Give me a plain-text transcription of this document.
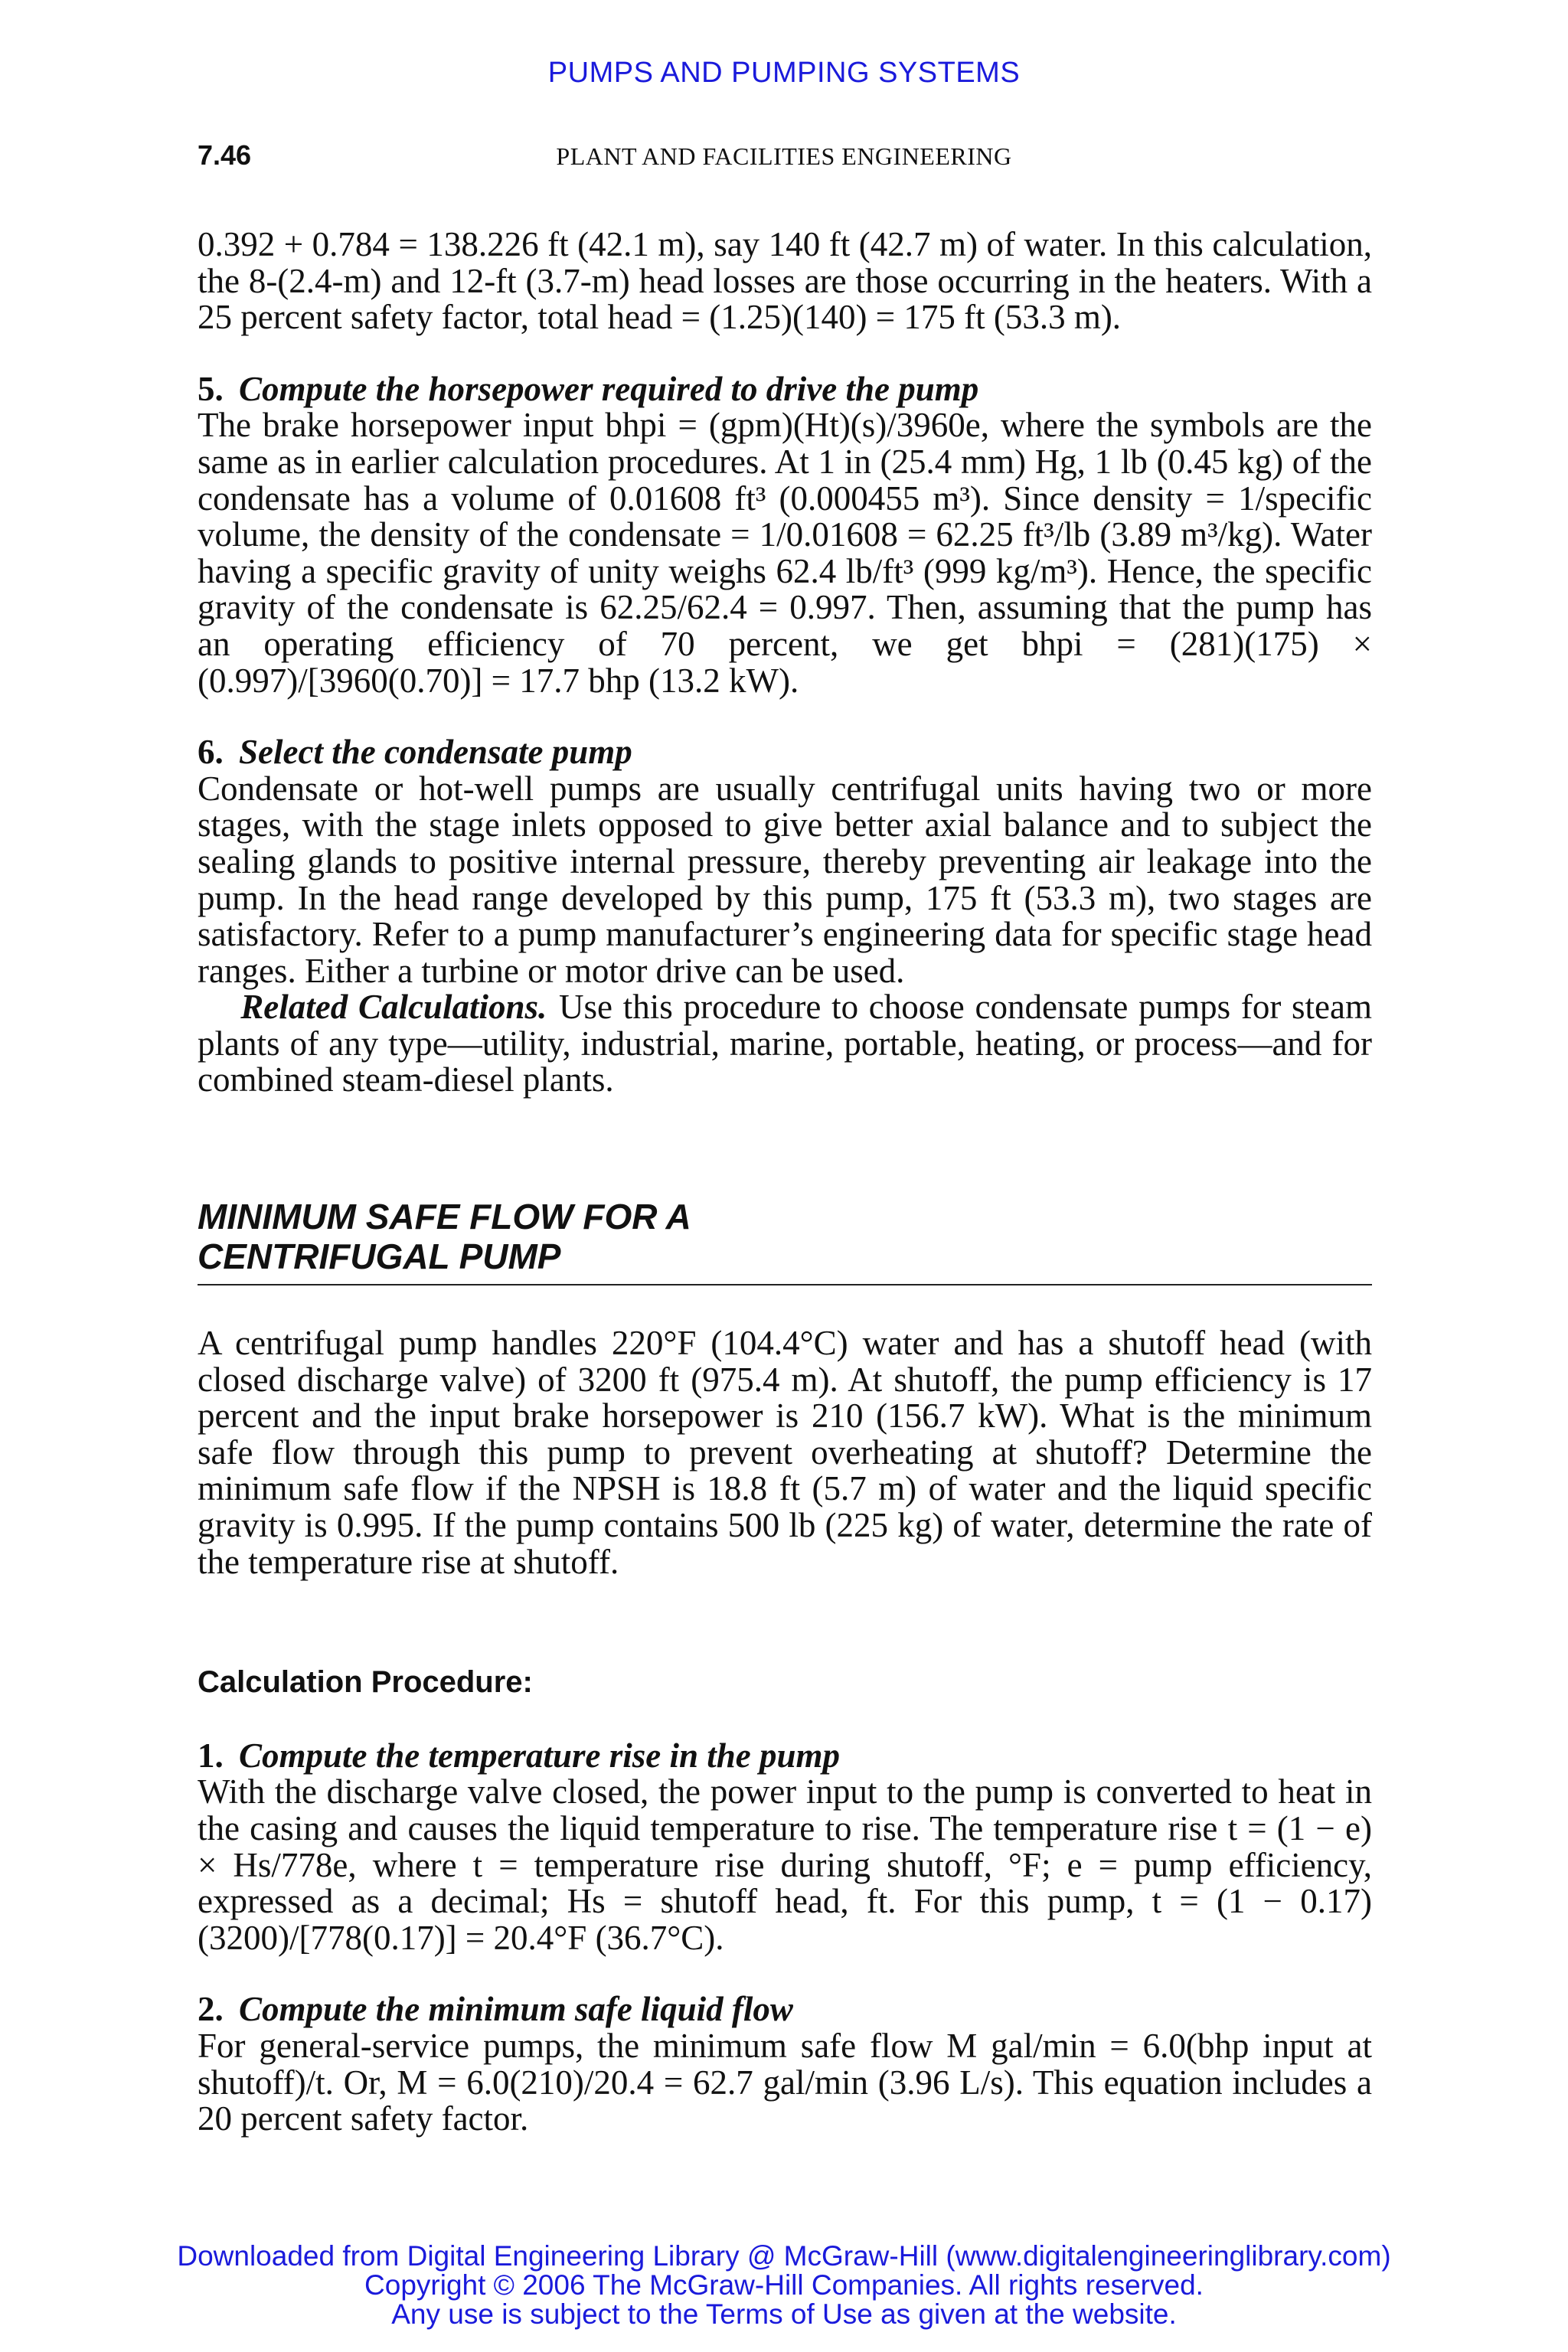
PUMPS AND PUMPING SYSTEMS
7.46	PLANT AND FACILITIES ENGINEERING

0.392 + 0.784 = 138.226 ft (42.1 m), say 140 ft (42.7 m) of water. In this calculation, the 8-(2.4-m) and 12-ft (3.7-m) head losses are those occurring in the heaters. With a 25 percent safety factor, total head = (1.25)(140) = 175 ft (53.3 m).

5. Compute the horsepower required to drive the pump

The brake horsepower input bhpi = (gpm)(Ht)(s)/3960e, where the symbols are the same as in earlier calculation procedures. At 1 in (25.4 mm) Hg, 1 lb (0.45 kg) of the condensate has a volume of 0.01608 ft³ (0.000455 m³). Since density = 1/specific volume, the density of the condensate = 1/0.01608 = 62.25 ft³/lb (3.89 m³/kg). Water having a specific gravity of unity weighs 62.4 lb/ft³ (999 kg/m³). Hence, the specific gravity of the condensate is 62.25/62.4 = 0.997. Then, assuming that the pump has an operating efficiency of 70 percent, we get bhpi = (281)(175) × (0.997)/[3960(0.70)] = 17.7 bhp (13.2 kW).

6. Select the condensate pump

Condensate or hot-well pumps are usually centrifugal units having two or more stages, with the stage inlets opposed to give better axial balance and to subject the sealing glands to positive internal pressure, thereby preventing air leakage into the pump. In the head range developed by this pump, 175 ft (53.3 m), two stages are satisfactory. Refer to a pump manufacturer’s engineering data for specific stage head ranges. Either a turbine or motor drive can be used.

Related Calculations. Use this procedure to choose condensate pumps for steam plants of any type—utility, industrial, marine, portable, heating, or process—and for combined steam-diesel plants.

MINIMUM SAFE FLOW FOR A
CENTRIFUGAL PUMP

A centrifugal pump handles 220°F (104.4°C) water and has a shutoff head (with closed discharge valve) of 3200 ft (975.4 m). At shutoff, the pump efficiency is 17 percent and the input brake horsepower is 210 (156.7 kW). What is the minimum safe flow through this pump to prevent overheating at shutoff? Determine the minimum safe flow if the NPSH is 18.8 ft (5.7 m) of water and the liquid specific gravity is 0.995. If the pump contains 500 lb (225 kg) of water, determine the rate of the temperature rise at shutoff.

Calculation Procedure:

1. Compute the temperature rise in the pump

With the discharge valve closed, the power input to the pump is converted to heat in the casing and causes the liquid temperature to rise. The temperature rise t = (1 − e) × Hs/778e, where t = temperature rise during shutoff, °F; e = pump efficiency, expressed as a decimal; Hs = shutoff head, ft. For this pump, t = (1 − 0.17)(3200)/[778(0.17)] = 20.4°F (36.7°C).

2. Compute the minimum safe liquid flow

For general-service pumps, the minimum safe flow M gal/min = 6.0(bhp input at shutoff)/t. Or, M = 6.0(210)/20.4 = 62.7 gal/min (3.96 L/s). This equation includes a 20 percent safety factor.

Downloaded from Digital Engineering Library @ McGraw-Hill (www.digitalengineeringlibrary.com)
Copyright © 2006 The McGraw-Hill Companies. All rights reserved.
Any use is subject to the Terms of Use as given at the website.
